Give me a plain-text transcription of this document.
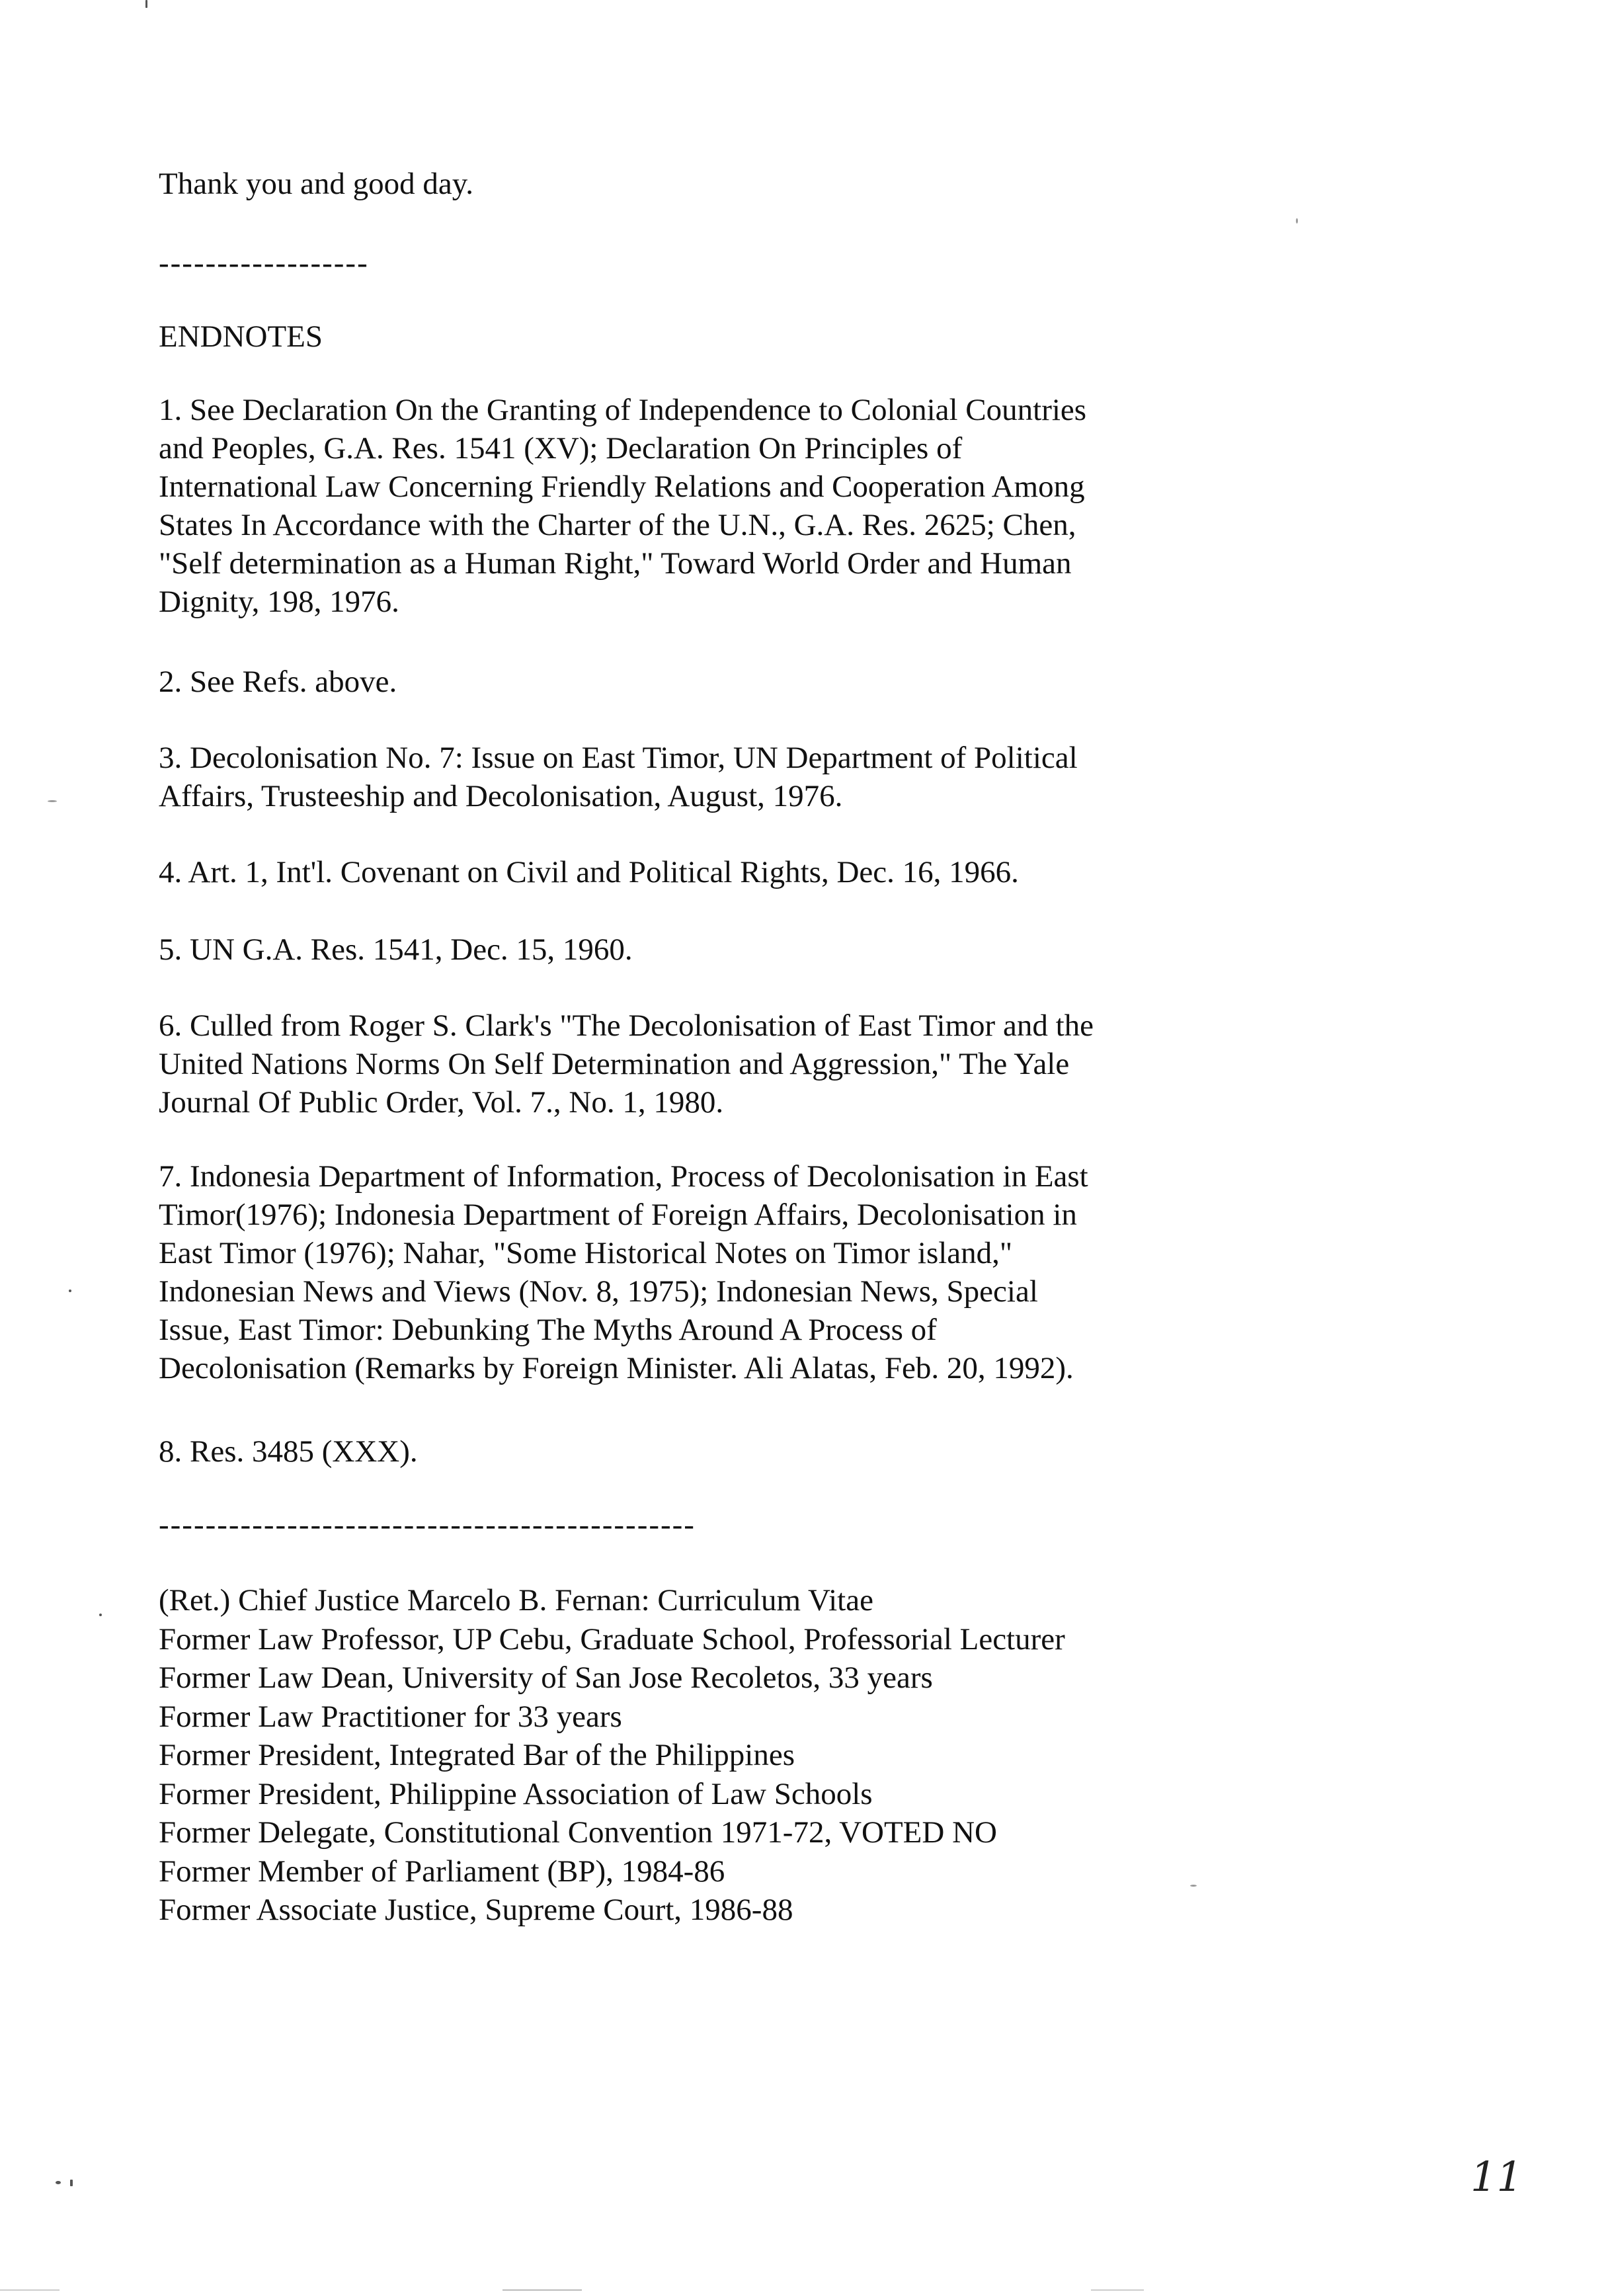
Thank you and good day.
------------------
ENDNOTES
1. See Declaration On the Granting of Independence to Colonial Countries
and Peoples, G.A. Res. 1541 (XV); Declaration On Principles of
International Law Concerning Friendly Relations and Cooperation Among
States In Accordance with the Charter of the U.N., G.A. Res. 2625; Chen,
"Self determination as a Human Right," Toward World Order and Human
Dignity, 198, 1976.
2. See Refs. above.
3. Decolonisation No. 7: Issue on East Timor, UN Department of Political
Affairs, Trusteeship and Decolonisation, August, 1976.
4. Art. 1, Int'l. Covenant on Civil and Political Rights, Dec. 16, 1966.
5. UN G.A. Res. 1541, Dec. 15, 1960.
6. Culled from Roger S. Clark's "The Decolonisation of East Timor and the
United Nations Norms On Self Determination and Aggression," The Yale
Journal Of Public Order, Vol. 7., No. 1, 1980.
7. Indonesia Department of Information, Process of Decolonisation in East
Timor(1976); Indonesia Department of Foreign Affairs, Decolonisation in
East Timor (1976); Nahar, "Some Historical Notes on Timor island,"
Indonesian News and Views (Nov. 8, 1975); Indonesian News, Special
Issue, East Timor: Debunking The Myths Around A Process of
Decolonisation (Remarks by Foreign Minister. Ali Alatas, Feb. 20, 1992).
8. Res. 3485 (XXX).
----------------------------------------------
(Ret.) Chief Justice Marcelo B. Fernan: Curriculum Vitae
Former Law Professor, UP Cebu, Graduate School, Professorial Lecturer
Former Law Dean, University of San Jose Recoletos, 33 years
Former Law Practitioner for 33 years
Former President, Integrated Bar of the Philippines
Former President, Philippine Association of Law Schools
Former Delegate, Constitutional Convention 1971-72, VOTED NO
Former Member of Parliament (BP), 1984-86
Former Associate Justice, Supreme Court, 1986-88
11
